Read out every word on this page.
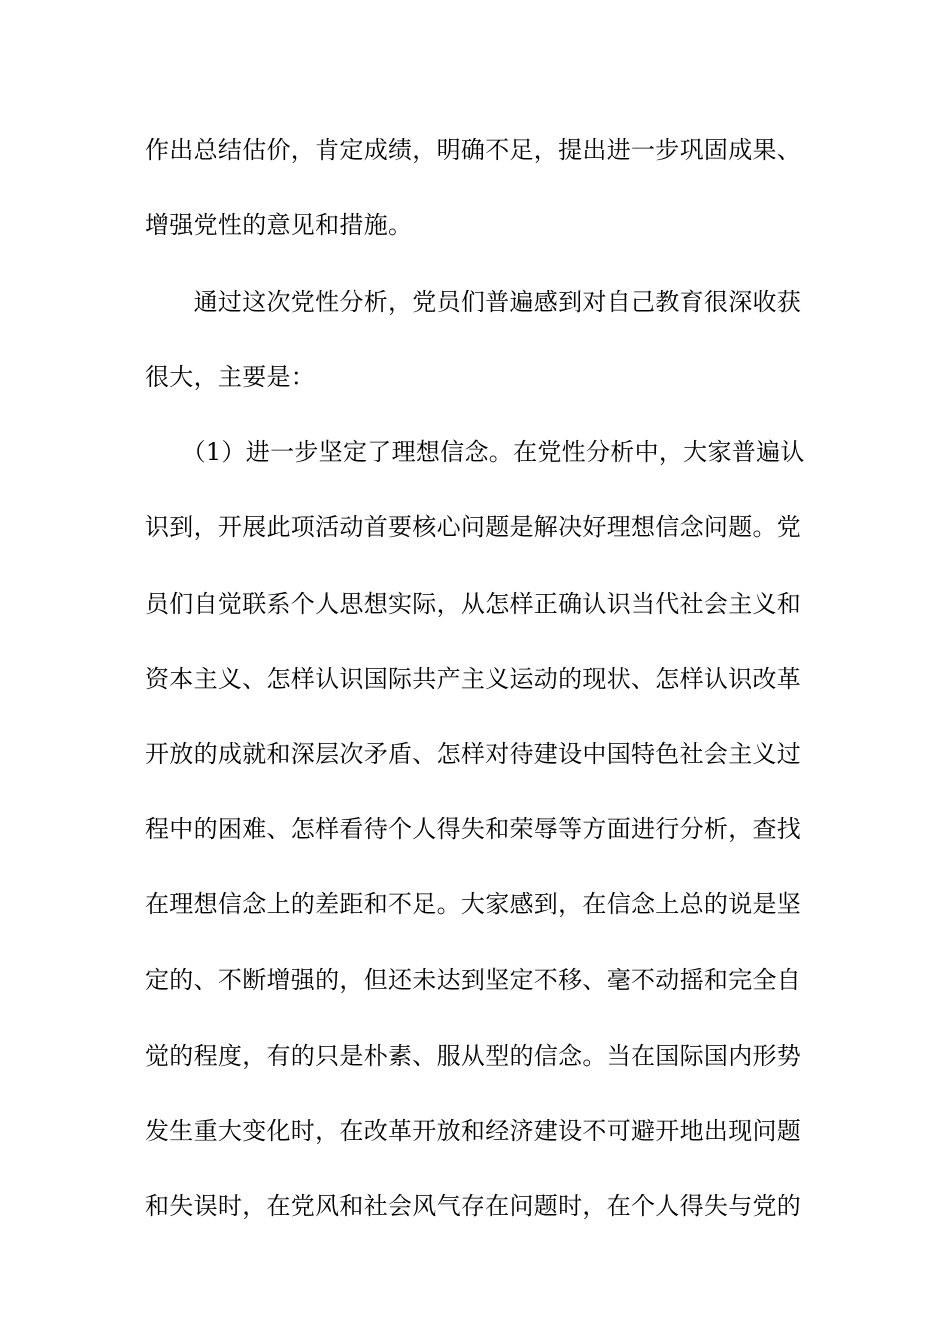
作出总结估价，肯定成绩，明确不足，提出进一步巩固成果、
增强党性的意见和措施。
　　通过这次党性分析，党员们普遍感到对自己教育很深收获
很大，主要是：
　　（1）进一步坚定了理想信念。在党性分析中，大家普遍认
识到，开展此项活动首要核心问题是解决好理想信念问题。党
员们自觉联系个人思想实际，从怎样正确认识当代社会主义和
资本主义、怎样认识国际共产主义运动的现状、怎样认识改革
开放的成就和深层次矛盾、怎样对待建设中国特色社会主义过
程中的困难、怎样看待个人得失和荣辱等方面进行分析，查找
在理想信念上的差距和不足。大家感到，在信念上总的说是坚
定的、不断增强的，但还未达到坚定不移、毫不动摇和完全自
觉的程度，有的只是朴素、服从型的信念。当在国际国内形势
发生重大变化时，在改革开放和经济建设不可避开地出现问题
和失误时，在党风和社会风气存在问题时，在个人得失与党的
